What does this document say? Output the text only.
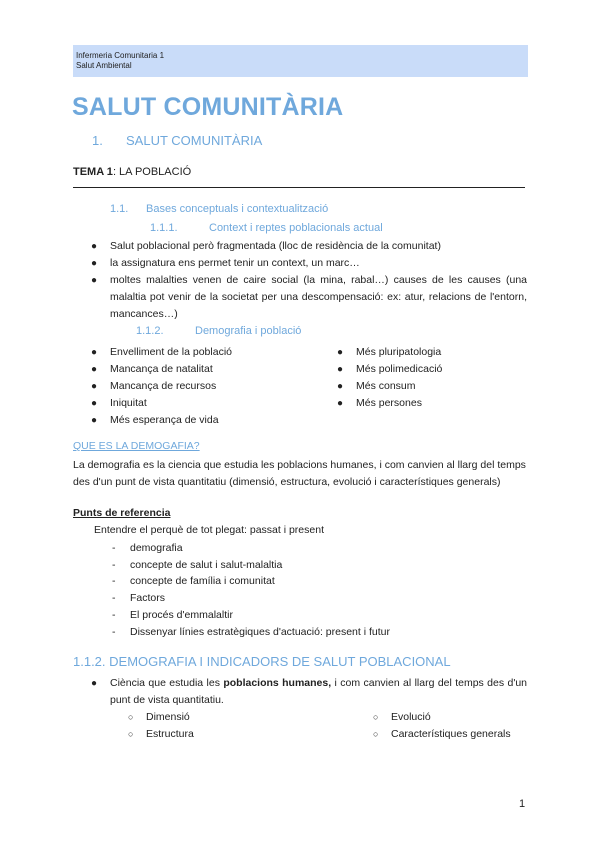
Infermeria Comunitaria 1
Salut Ambiental
SALUT COMUNITÀRIA
1. SALUT COMUNITÀRIA
TEMA 1: LA POBLACIÓ
1.1. Bases conceptuals i contextualització
1.1.1.	Context i reptes poblacionals actual
● Salut poblacional però fragmentada (lloc de residència de la comunitat)
● la assignatura ens permet tenir un context, un marc…
● moltes malalties venen de caire social (la mina, rabal…) causes de les causes (una malaltia pot venir de la societat per una descompensació: ex: atur, relacions de l'entorn, mancances…)
1.1.2.	Demografia i població
● Envelliment de la població
● Mancança de natalitat
● Mancança de recursos
● Iniquitat
● Més esperança de vida
● Més pluripatologia
● Més polimedicació
● Més consum
● Més persones
QUE ES LA DEMOGAFIA?
La demografia es la ciencia que estudia les poblacions humanes, i com canvien al llarg del temps des d'un punt de vista quantitatiu (dimensió, estructura, evolució i característiques generals)
Punts de referencia
Entendre el perquè de tot plegat: passat i present
- demografia
- concepte de salut i salut-malaltia
- concepte de família i comunitat
- Factors
- El procés d'emmalaltir
- Dissenyar línies estratègiques d'actuació: present i futur
1.1.2. DEMOGRAFIA I INDICADORS DE SALUT POBLACIONAL
● Ciència que estudia les poblacions humanes, i com canvien al llarg del temps des d'un punt de vista quantitatiu.
○ Dimensió
○ Estructura
○ Evolució
○ Característiques generals
1
